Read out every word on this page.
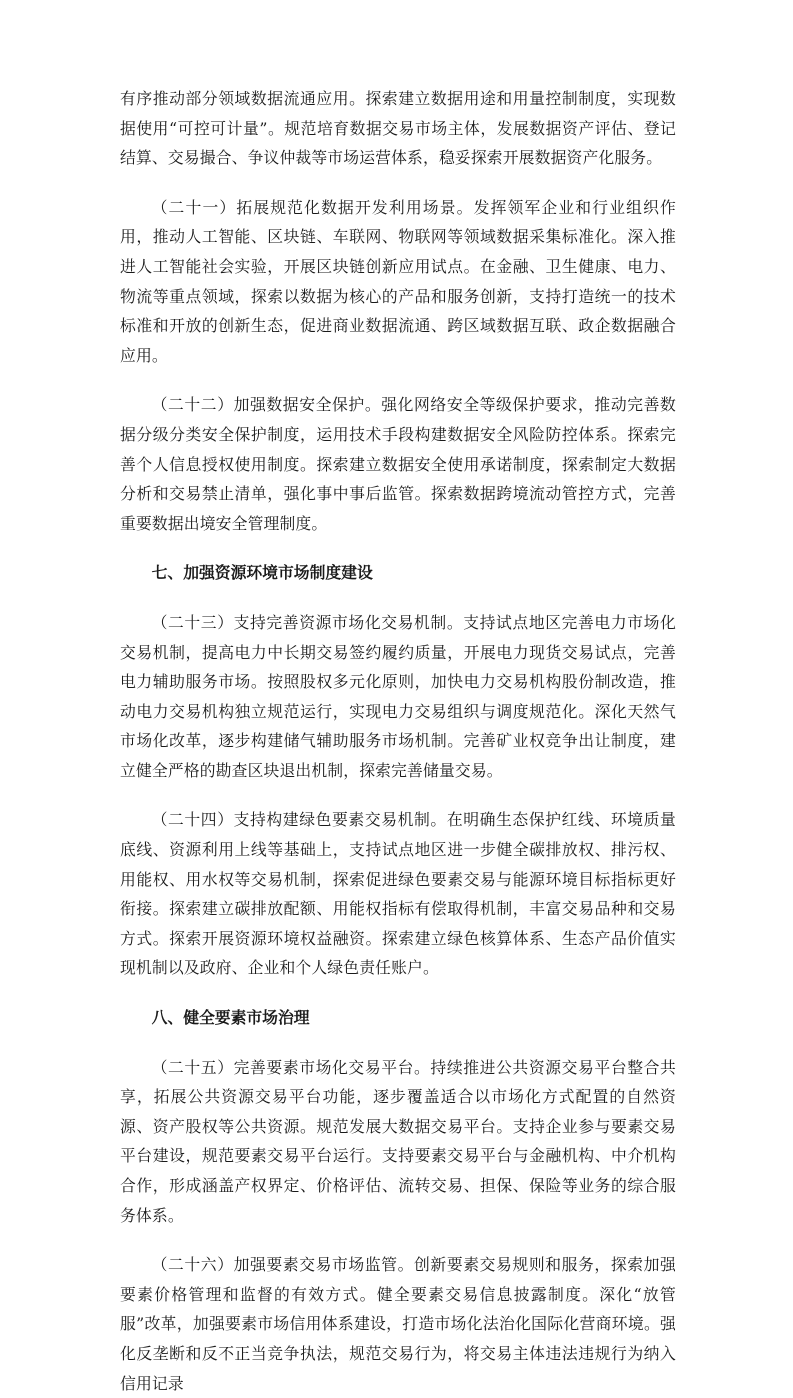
有序推动部分领域数据流通应用。探索建立数据用途和用量控制制度，实现数据使用“可控可计量”。规范培育数据交易市场主体，发展数据资产评估、登记结算、交易撮合、争议仲裁等市场运营体系，稳妥探索开展数据资产化服务。

（二十一）拓展规范化数据开发利用场景。发挥领军企业和行业组织作用，推动人工智能、区块链、车联网、物联网等领域数据采集标准化。深入推进人工智能社会实验，开展区块链创新应用试点。在金融、卫生健康、电力、物流等重点领域，探索以数据为核心的产品和服务创新，支持打造统一的技术标准和开放的创新生态，促进商业数据流通、跨区域数据互联、政企数据融合应用。

（二十二）加强数据安全保护。强化网络安全等级保护要求，推动完善数据分级分类安全保护制度，运用技术手段构建数据安全风险防控体系。探索完善个人信息授权使用制度。探索建立数据安全使用承诺制度，探索制定大数据分析和交易禁止清单，强化事中事后监管。探索数据跨境流动管控方式，完善重要数据出境安全管理制度。

七、加强资源环境市场制度建设

（二十三）支持完善资源市场化交易机制。支持试点地区完善电力市场化交易机制，提高电力中长期交易签约履约质量，开展电力现货交易试点，完善电力辅助服务市场。按照股权多元化原则，加快电力交易机构股份制改造，推动电力交易机构独立规范运行，实现电力交易组织与调度规范化。深化天然气市场化改革，逐步构建储气辅助服务市场机制。完善矿业权竞争出让制度，建立健全严格的勘查区块退出机制，探索完善储量交易。

（二十四）支持构建绿色要素交易机制。在明确生态保护红线、环境质量底线、资源利用上线等基础上，支持试点地区进一步健全碳排放权、排污权、用能权、用水权等交易机制，探索促进绿色要素交易与能源环境目标指标更好衔接。探索建立碳排放配额、用能权指标有偿取得机制，丰富交易品种和交易方式。探索开展资源环境权益融资。探索建立绿色核算体系、生态产品价值实现机制以及政府、企业和个人绿色责任账户。

八、健全要素市场治理

（二十五）完善要素市场化交易平台。持续推进公共资源交易平台整合共享，拓展公共资源交易平台功能，逐步覆盖适合以市场化方式配置的自然资源、资产股权等公共资源。规范发展大数据交易平台。支持企业参与要素交易平台建设，规范要素交易平台运行。支持要素交易平台与金融机构、中介机构合作，形成涵盖产权界定、价格评估、流转交易、担保、保险等业务的综合服务体系。

（二十六）加强要素交易市场监管。创新要素交易规则和服务，探索加强要素价格管理和监督的有效方式。健全要素交易信息披露制度。深化“放管服”改革，加强要素市场信用体系建设，打造市场化法治化国际化营商环境。强化反垄断和反不正当竞争执法，规范交易行为，将交易主体违法违规行为纳入信用记录
